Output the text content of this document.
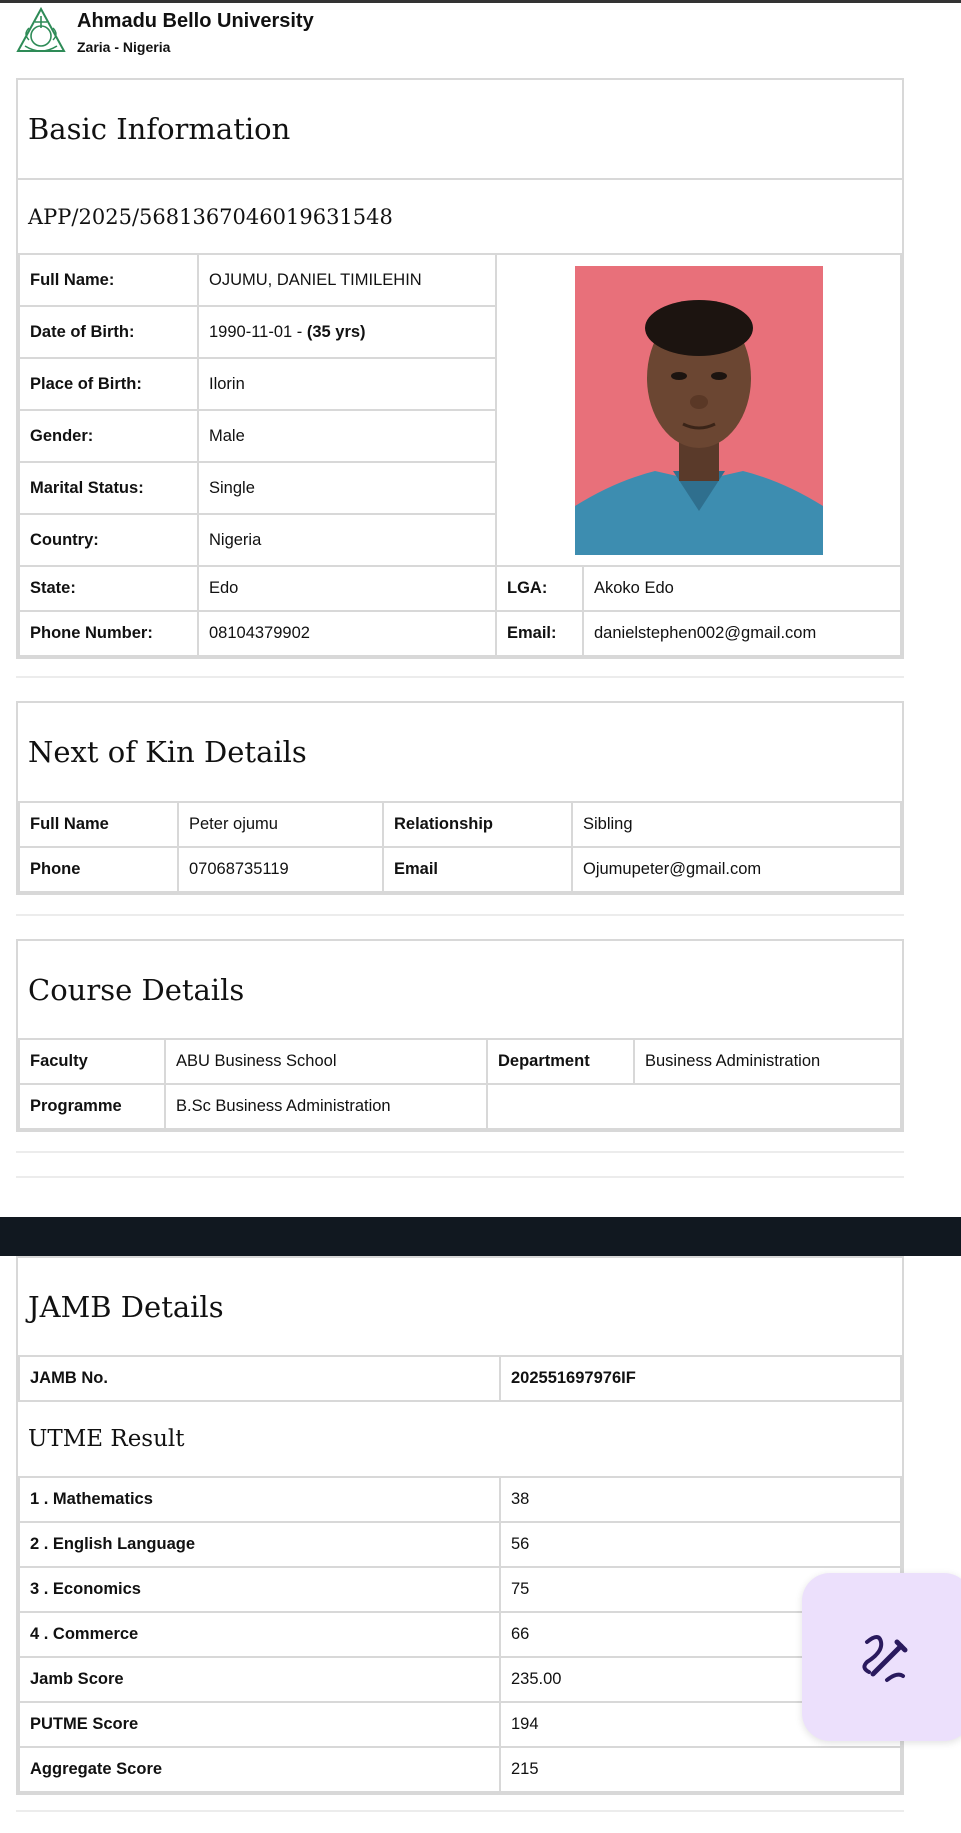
Ahmadu Bello University
Zaria - Nigeria
Basic Information
APP/2025/5681367046019631548
Full Name:	OJUMU, DANIEL TIMILEHIN	

Date of Birth:	1990-11-01 - (35 yrs)		
Place of Birth:	Ilorin		
Gender:	Male		
Marital Status:	Single		
Country:	Nigeria		
State:	Edo	LGA:	Akoko Edo
Phone Number:	08104379902	Email:	danielstephen002@gmail.com
Next of Kin Details
Full Name	Peter ojumu	Relationship	Sibling
Phone	07068735119	Email	Ojumupeter@gmail.com
Course Details
Faculty	ABU Business School	Department	Business Administration
Programme	B.Sc Business Administration		
JAMB Details
JAMB No.	202551697976IF
UTME Result
1 . Mathematics	38
2 . English Language	56
3 . Economics	75
4 . Commerce	66
Jamb Score	235.00
PUTME Score	194
Aggregate Score	215
